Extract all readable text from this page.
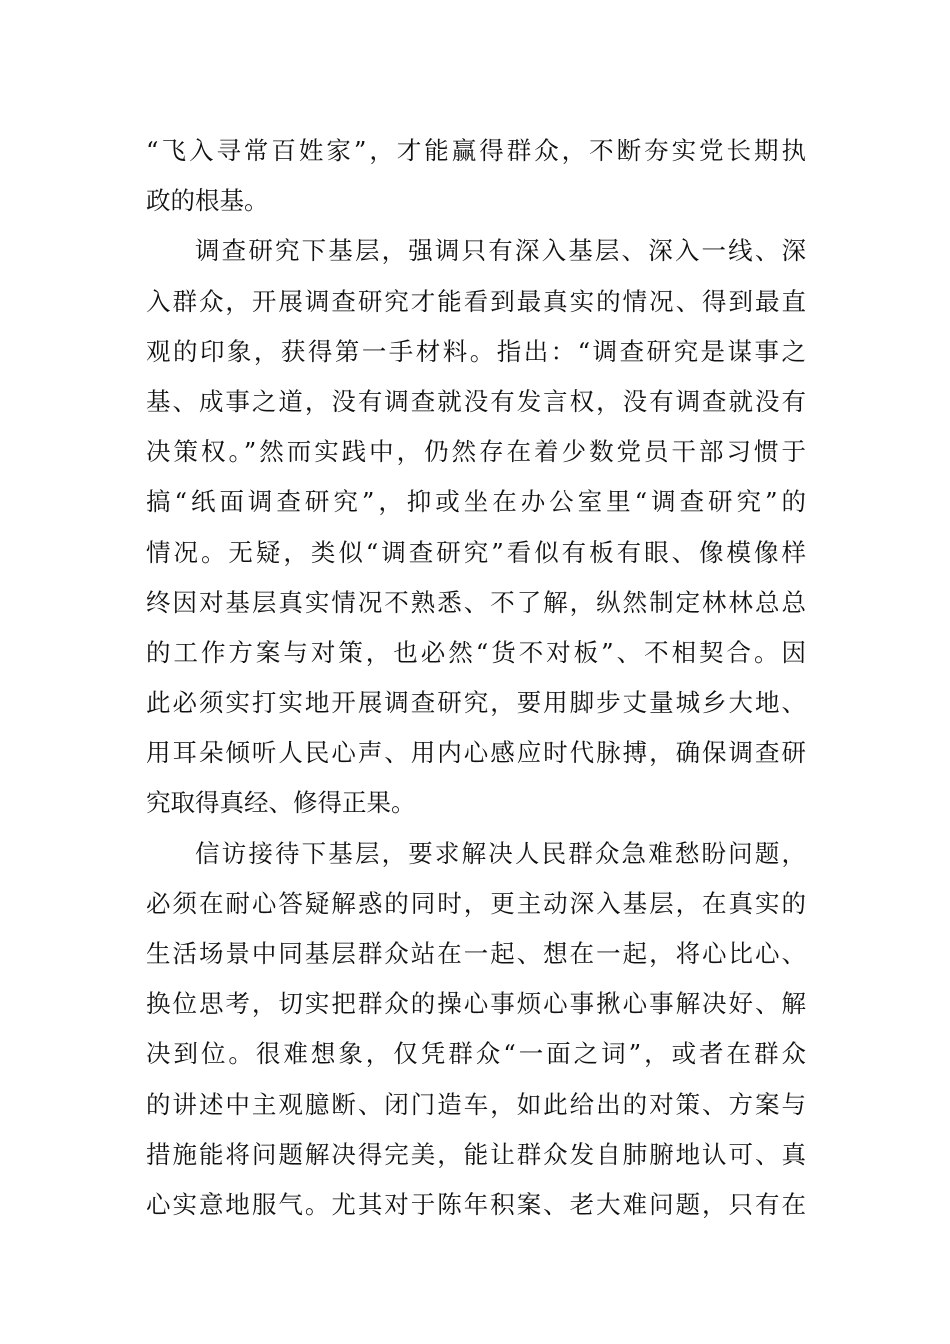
“飞入寻常百姓家”，才能赢得群众，不断夯实党长期执
政的根基。
调查研究下基层，强调只有深入基层、深入一线、深
入群众，开展调查研究才能看到最真实的情况、得到最直
观的印象，获得第一手材料。指出：“调查研究是谋事之
基、成事之道，没有调查就没有发言权，没有调查就没有
决策权。”然而实践中，仍然存在着少数党员干部习惯于
搞“纸面调查研究”，抑或坐在办公室里“调查研究”的
情况。无疑，类似“调查研究”看似有板有眼、像模像样
终因对基层真实情况不熟悉、不了解，纵然制定林林总总
的工作方案与对策，也必然“货不对板”、不相契合。因
此必须实打实地开展调查研究，要用脚步丈量城乡大地、
用耳朵倾听人民心声、用内心感应时代脉搏，确保调查研
究取得真经、修得正果。
信访接待下基层，要求解决人民群众急难愁盼问题，
必须在耐心答疑解惑的同时，更主动深入基层，在真实的
生活场景中同基层群众站在一起、想在一起，将心比心、
换位思考，切实把群众的操心事烦心事揪心事解决好、解
决到位。很难想象，仅凭群众“一面之词”，或者在群众
的讲述中主观臆断、闭门造车，如此给出的对策、方案与
措施能将问题解决得完美，能让群众发自肺腑地认可、真
心实意地服气。尤其对于陈年积案、老大难问题，只有在
